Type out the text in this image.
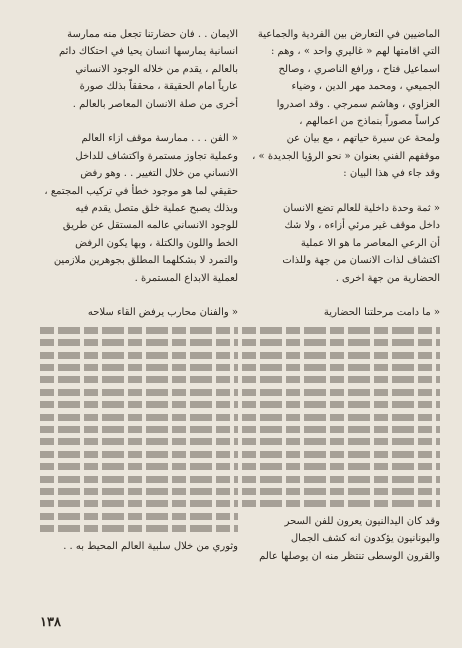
الماضيين في التعارض بين الفردية والجماعية
التي اقامتها لهم « غاليري واحد » ، وهم :
اسماعيل فتاح ، ورافع الناصري ، وصالح
الجميعي ، ومحمد مهر الدين ، وضياء
العزاوي ، وهاشم سمرجي . وقد اصدروا
كراساً مصوراً بنماذج من اعمالهم ،
ولمحة عن سيرة حياتهم ، مع بيان عن
موقفهم الفني بعنوان « نحو الرؤيا الجديدة » ،
وقد جاء في هذا البيان :
« ثمة وحدة داخلية للعالم تضع الانسان
داخل موقف غير مرئي أزاءه ، ولا شك
أن الرعي المعاصر ما هو الا عملية
اكتشاف لذات الانسان من جهة وللذات
الحضارية من جهة اخرى .
« ما دامت مرحلتنا الحضارية
وقد كان اليدالنيون يعرون للفن السحر
واليونانيون يؤكدون انه كشف الجمال
والقرون الوسطى تنتظر منه ان يوصلها عالم
الايمان . . فان حضارتنا تجعل منه ممارسة
انسانية يمارسها انسان يحيا في احتكاك دائم
بالعالم ، يقدم من خلاله الوجود الانساني
عارياً امام الحقيقة ، محققاً بذلك صورة
أخرى من صلة الانسان المعاصر بالعالم .
« الفن . . . ممارسة موقف ازاء العالم
وعملية تجاوز مستمرة واكتشاف للداخل
الانساني من خلال التغيير . . وهو رفض
حقيقي لما هو موجود خطأ في تركيب المجتمع ،
وبذلك يصبح عملية خلق متصل يقدم فيه
للوجود الانساني عالمه المستقل عن طريق
الخط واللون والكتلة ، وبها يكون الرفض
والتمرد لا بشكلهما المطلق بجوهرين ملازمين
لعملية الابداع المستمرة .
« والفنان محارب يرفض القاء سلاحه
وثوري من خلال سلبية العالم المحيط به . .
١٣٨
